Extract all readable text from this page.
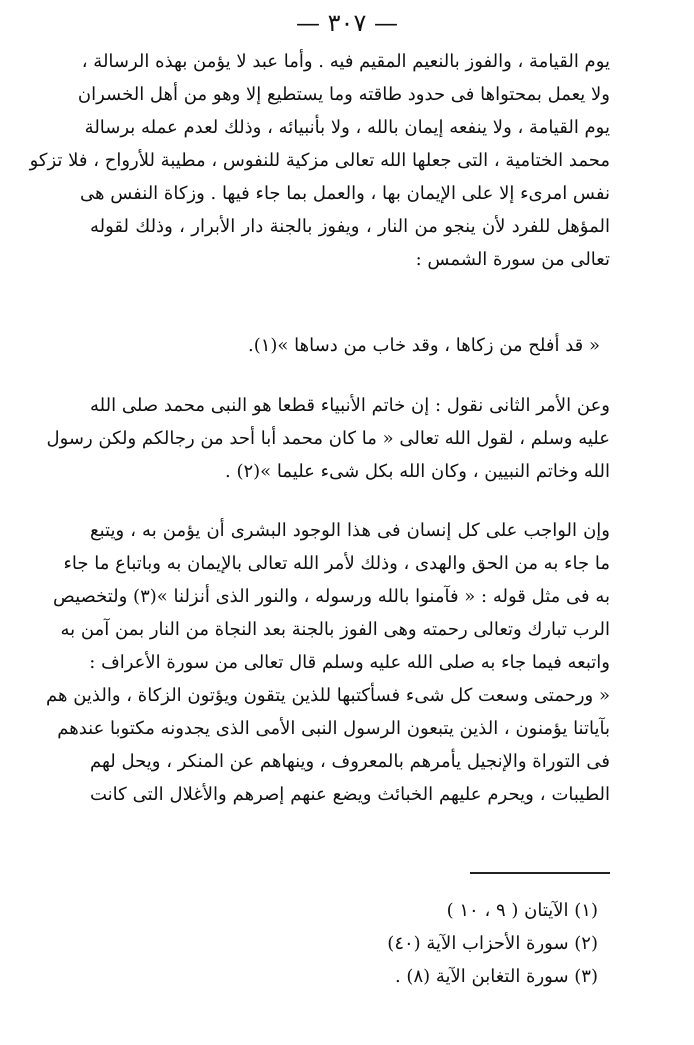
— ٣٠٧ —
يوم القيامة ، والفوز بالنعيم المقيم فيه . وأما عبد لا يؤمن بهذه الرسالة ،
ولا يعمل بمحتواها فى حدود طاقته وما يستطيع إلا وهو من أهل الخسران
يوم القيامة ، ولا ينفعه إيمان بالله ، ولا بأنبيائه ، وذلك لعدم عمله برسالة
محمد الختامية ، التى جعلها الله تعالى مزكية للنفوس ، مطيبة للأرواح ، فلا تزكو
نفس امرىء إلا على الإيمان بها ، والعمل بما جاء فيها . وزكاة النفس هى
المؤهل للفرد لأن ينجو من النار ، ويفوز بالجنة دار الأبرار ، وذلك لقوله
تعالى من سورة الشمس :
« قد أفلح من زكاها ، وقد خاب من دساها »(١).
وعن الأمر الثانى نقول : إن خاتم الأنبياء قطعا هو النبى محمد صلى الله
عليه وسلم ، لقول الله تعالى « ما كان محمد أبا أحد من رجالكم ولكن رسول
الله وخاتم النبيين ، وكان الله بكل شىء عليما »(٢) .
وإن الواجب على كل إنسان فى هذا الوجود البشرى أن يؤمن به ، ويتبع
ما جاء به من الحق والهدى ، وذلك لأمر الله تعالى بالإيمان به وباتباع ما جاء
به فى مثل قوله : « فآمنوا بالله ورسوله ، والنور الذى أنزلنا »(٣) ولتخصيص
الرب تبارك وتعالى رحمته وهى الفوز بالجنة بعد النجاة من النار بمن آمن به
واتبعه فيما جاء به صلى الله عليه وسلم قال تعالى من سورة الأعراف :
« ورحمتى وسعت كل شىء فسأكتبها للذين يتقون ويؤتون الزكاة ، والذين هم
بآياتنا يؤمنون ، الذين يتبعون الرسول النبى الأمى الذى يجدونه مكتوبا عندهم
فى التوراة والإنجيل يأمرهم بالمعروف ، وينهاهم عن المنكر ، ويحل لهم
الطيبات ، ويحرم عليهم الخبائث ويضع عنهم إصرهم والأغلال التى كانت
(١) الآيتان ( ٩ ، ١٠ )
(٢) سورة الأحزاب الآية (٤٠)
(٣) سورة التغابن الآية (٨) .
